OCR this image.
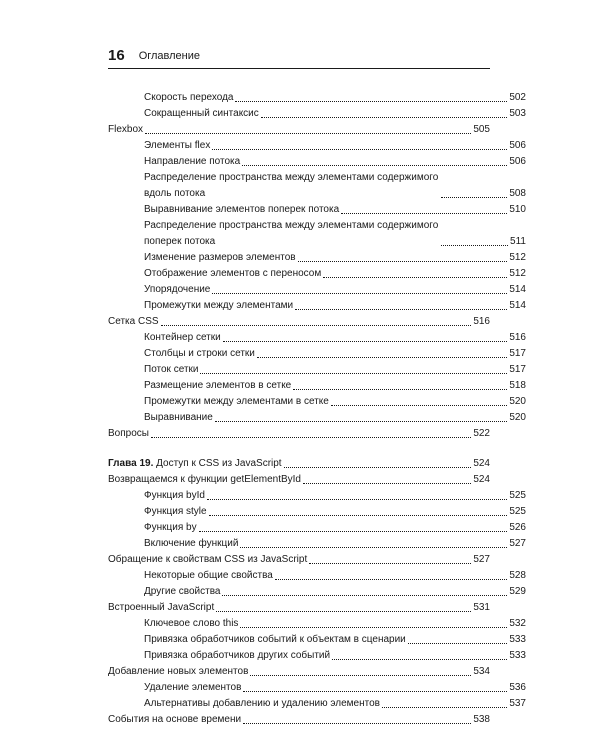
16 Оглавление
Скорость перехода	502
Сокращенный синтаксис	503
Flexbox	505
Элементы flex	506
Направление потока	506
Распределение пространства между элементами содержимого вдоль потока	508
Выравнивание элементов поперек потока	510
Распределение пространства между элементами содержимого поперек потока	511
Изменение размеров элементов	512
Отображение элементов с переносом	512
Упорядочение	514
Промежутки между элементами	514
Сетка CSS	516
Контейнер сетки	516
Столбцы и строки сетки	517
Поток сетки	517
Размещение элементов в сетке	518
Промежутки между элементами в сетке	520
Выравнивание	520
Вопросы	522
Глава 19. Доступ к CSS из JavaScript	524
Возвращаемся к функции getElementById	524
Функция byId	525
Функция style	525
Функция by	526
Включение функций	527
Обращение к свойствам CSS из JavaScript	527
Некоторые общие свойства	528
Другие свойства	529
Встроенный JavaScript	531
Ключевое слово this	532
Привязка обработчиков событий к объектам в сценарии	533
Привязка обработчиков других событий	533
Добавление новых элементов	534
Удаление элементов	536
Альтернативы добавлению и удалению элементов	537
События на основе времени	538
